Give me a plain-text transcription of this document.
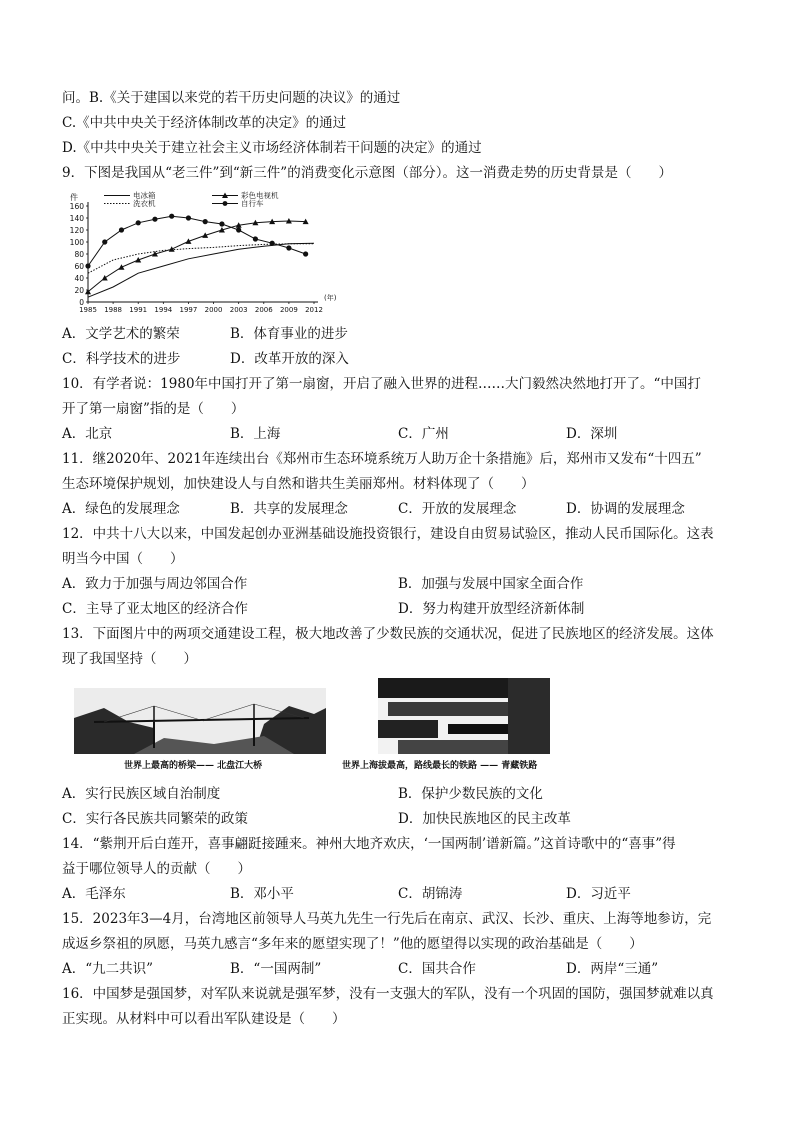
问。B.《关于建国以来党的若干历史问题的决议》的通过
C.《中共中央关于经济体制改革的决定》的通过
D.《中共中央关于建立社会主义市场经济体制若干问题的决定》的通过
9．下图是我国从“老三件”到“新三件”的消费变化示意图（部分）。这一消费走势的历史背景是（　　）
件
(年)
0
20
40
60
80
100
120
140
160
1985 1988 1991 1994 1997 2000 2003 2006 2009 2012
电冰箱
洗衣机
彩色电视机
自行车
A．文学艺术的繁荣	B．体育事业的进步
C．科学技术的进步	D．改革开放的深入
10．有学者说：1980年中国打开了第一扇窗，开启了融入世界的进程……大门毅然决然地打开了。“中国打
开了第一扇窗”指的是（　　）
A．北京	B．上海	C．广州	D．深圳
11．继2020年、2021年连续出台《郑州市生态环境系统万人助万企十条措施》后，郑州市又发布“十四五”
生态环境保护规划，加快建设人与自然和谐共生美丽郑州。材料体现了（　　）
A．绿色的发展理念	B．共享的发展理念	C．开放的发展理念	D．协调的发展理念
12．中共十八大以来，中国发起创办亚洲基础设施投资银行，建设自由贸易试验区，推动人民币国际化。这表
明当今中国（　　）
A．致力于加强与周边邻国合作	B．加强与发展中国家全面合作
C．主导了亚太地区的经济合作	D．努力构建开放型经济新体制
13．下面图片中的两项交通建设工程，极大地改善了少数民族的交通状况，促进了民族地区的经济发展。这体
现了我国坚持（　　）
世界上最高的桥梁—— 北盘江大桥	世界上海拔最高，路线最长的铁路 —— 青藏铁路
A．实行民族区域自治制度	B．保护少数民族的文化
C．实行各民族共同繁荣的政策	D．加快民族地区的民主改革
14．“紫荆开后白莲开，喜事翩跹接踵来。神州大地齐欢庆，‘一国两制’谱新篇。”这首诗歌中的“喜事”得
益于哪位领导人的贡献（　　）
A．毛泽东	B．邓小平	C．胡锦涛	D．习近平
15．2023年3—4月，台湾地区前领导人马英九先生一行先后在南京、武汉、长沙、重庆、上海等地参访，完
成返乡祭祖的夙愿，马英九感言“多年来的愿望实现了！”他的愿望得以实现的政治基础是（　　）
A．“九二共识”	B．“一国两制”	C．国共合作	D．两岸“三通”
16．中国梦是强国梦，对军队来说就是强军梦，没有一支强大的军队，没有一个巩固的国防，强国梦就难以真
正实现。从材料中可以看出军队建设是（　　）
